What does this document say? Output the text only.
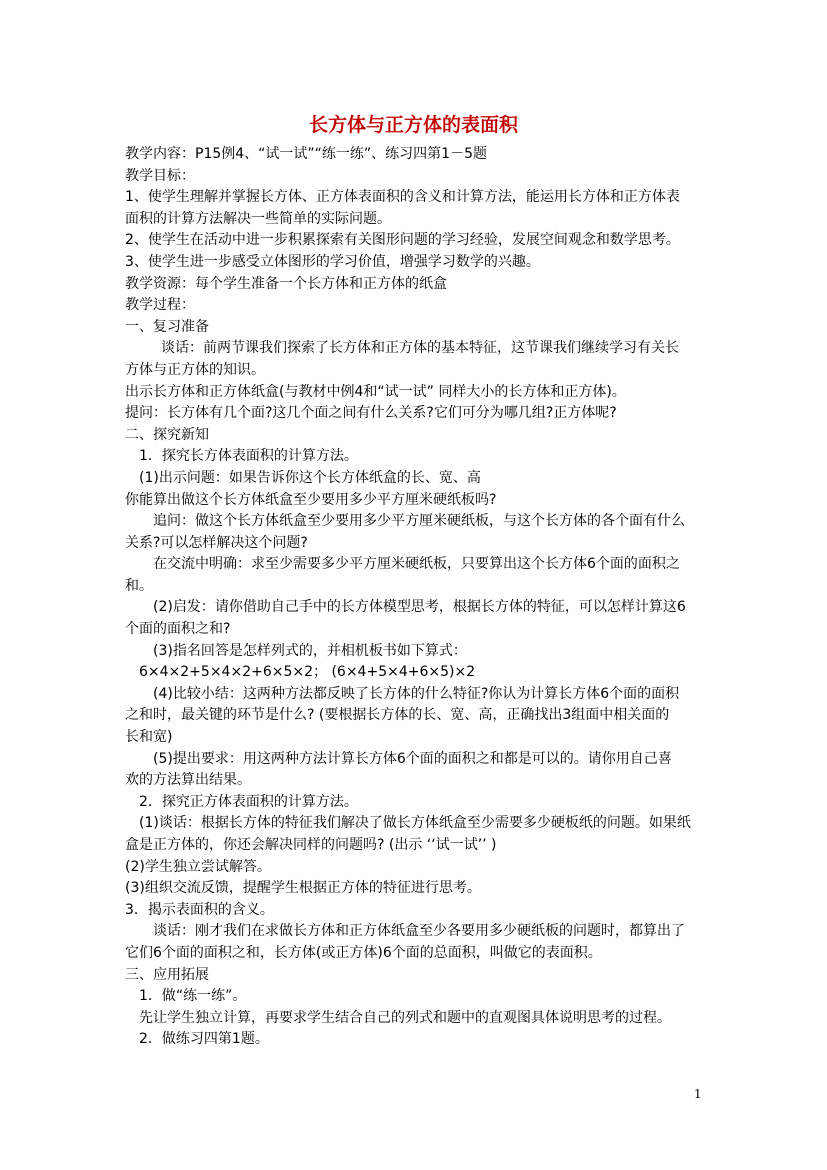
长方体与正方体的表面积

教学内容：P15例4、“试一试”“练一练”、练习四第1－5题

教学目标：

1、使学生理解并掌握长方体、正方体表面积的含义和计算方法，能运用长方体和正方体表

面积的计算方法解决一些简单的实际问题。

2、使学生在活动中进一步积累探索有关图形问题的学习经验，发展空间观念和数学思考。

3、使学生进一步感受立体图形的学习价值，增强学习数学的兴趣。

教学资源：每个学生准备一个长方体和正方体的纸盒

教学过程：

一、复习准备

谈话：前两节课我们探索了长方体和正方体的基本特征，这节课我们继续学习有关长

方体与正方体的知识。

出示长方体和正方体纸盒(与教材中例4和“试一试” 同样大小的长方体和正方体)。

提问：长方体有几个面?这几个面之间有什么关系?它们可分为哪几组?正方体呢?

二、探究新知

1．探究长方体表面积的计算方法。

(1)出示问题：如果告诉你这个长方体纸盒的长、宽、高

你能算出做这个长方体纸盒至少要用多少平方厘米硬纸板吗?

追问：做这个长方体纸盒至少要用多少平方厘米硬纸板，与这个长方体的各个面有什么

关系?可以怎样解决这个问题?

在交流中明确：求至少需要多少平方厘米硬纸板，只要算出这个长方体6个面的面积之

和。

(2)启发：请你借助自己手中的长方体模型思考，根据长方体的特征，可以怎样计算这6

个面的面积之和?

(3)指名回答是怎样列式的，并相机板书如下算式：

6×4×2+5×4×2+6×5×2； (6×4+5×4+6×5)×2

(4)比较小结：这两种方法都反映了长方体的什么特征?你认为计算长方体6个面的面积

之和时，最关键的环节是什么? (要根据长方体的长、宽、高，正确找出3组面中相关面的

长和宽)

(5)提出要求：用这两种方法计算长方体6个面的面积之和都是可以的。请你用自己喜

欢的方法算出结果。

2．探究正方体表面积的计算方法。

(1)谈话：根据长方体的特征我们解决了做长方体纸盒至少需要多少硬板纸的问题。如果纸

盒是正方体的，你还会解决同样的问题吗? (出示 ‘‘试一试’’ )

(2)学生独立尝试解答。

(3)组织交流反馈，提醒学生根据正方体的特征进行思考。

3．揭示表面积的含义。

谈话：刚才我们在求做长方体和正方体纸盒至少各要用多少硬纸板的问题时，都算出了

它们6个面的面积之和，长方体(或正方体)6个面的总面积，叫做它的表面积。

三、应用拓展

1．做“练一练”。

先让学生独立计算，再要求学生结合自己的列式和题中的直观图具体说明思考的过程。

2．做练习四第1题。

1
